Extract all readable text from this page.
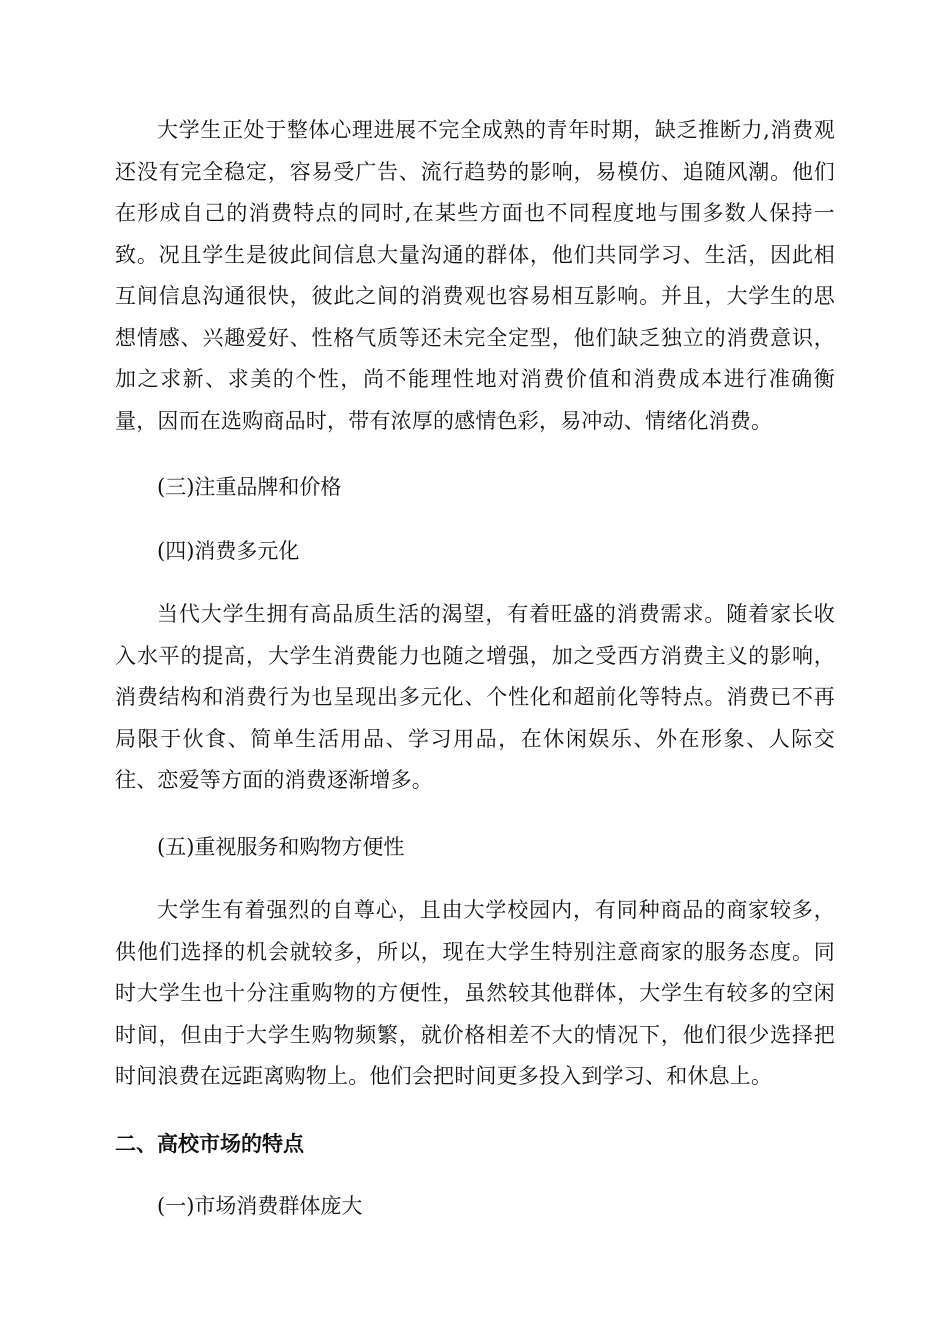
大学生正处于整体心理进展不完全成熟的青年时期，缺乏推断力,消费观还没有完全稳定，容易受广告、流行趋势的影响，易模仿、追随风潮。他们在形成自己的消费特点的同时,在某些方面也不同程度地与围多数人保持一致。况且学生是彼此间信息大量沟通的群体，他们共同学习、生活，因此相互间信息沟通很快，彼此之间的消费观也容易相互影响。并且，大学生的思想情感、兴趣爱好、性格气质等还未完全定型，他们缺乏独立的消费意识，加之求新、求美的个性，尚不能理性地对消费价值和消费成本进行准确衡量，因而在选购商品时，带有浓厚的感情色彩，易冲动、情绪化消费。

(三)注重品牌和价格

(四)消费多元化

当代大学生拥有高品质生活的渴望，有着旺盛的消费需求。随着家长收入水平的提高，大学生消费能力也随之增强，加之受西方消费主义的影响，消费结构和消费行为也呈现出多元化、个性化和超前化等特点。消费已不再局限于伙食、简单生活用品、学习用品，在休闲娱乐、外在形象、人际交往、恋爱等方面的消费逐渐增多。

(五)重视服务和购物方便性

大学生有着强烈的自尊心，且由大学校园内，有同种商品的商家较多，供他们选择的机会就较多，所以，现在大学生特别注意商家的服务态度。同时大学生也十分注重购物的方便性，虽然较其他群体，大学生有较多的空闲时间，但由于大学生购物频繁，就价格相差不大的情况下，他们很少选择把时间浪费在远距离购物上。他们会把时间更多投入到学习、和休息上。

二、高校市场的特点

(一)市场消费群体庞大
